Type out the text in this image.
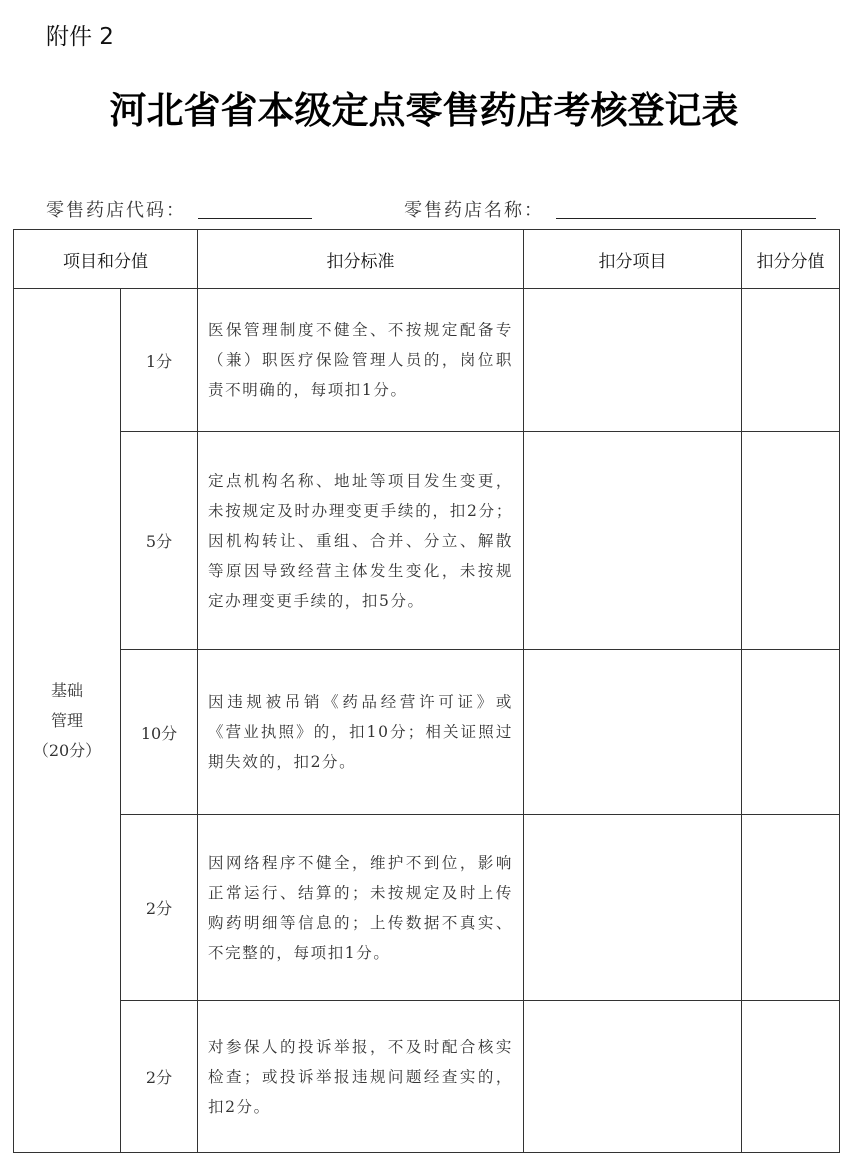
附件 2
河北省省本级定点零售药店考核登记表
零售药店代码：	零售药店名称：
项目和分值		扣分标准	扣分项目	扣分分值

基础
管理
（20分）	1分	医保管理制度不健全、不按规定配备专（兼）职医疗保险管理人员的，岗位职责不明确的，每项扣1分。		
	5分	定点机构名称、地址等项目发生变更，未按规定及时办理变更手续的，扣2分；因机构转让、重组、合并、分立、解散等原因导致经营主体发生变化，未按规定办理变更手续的，扣5分。		
	10分	因违规被吊销《药品经营许可证》或《营业执照》的，扣10分；相关证照过期失效的，扣2分。		
	2分	因网络程序不健全，维护不到位，影响正常运行、结算的；未按规定及时上传购药明细等信息的；上传数据不真实、不完整的，每项扣1分。		
	2分	对参保人的投诉举报，不及时配合核实检查；或投诉举报违规问题经查实的，扣2分。		
